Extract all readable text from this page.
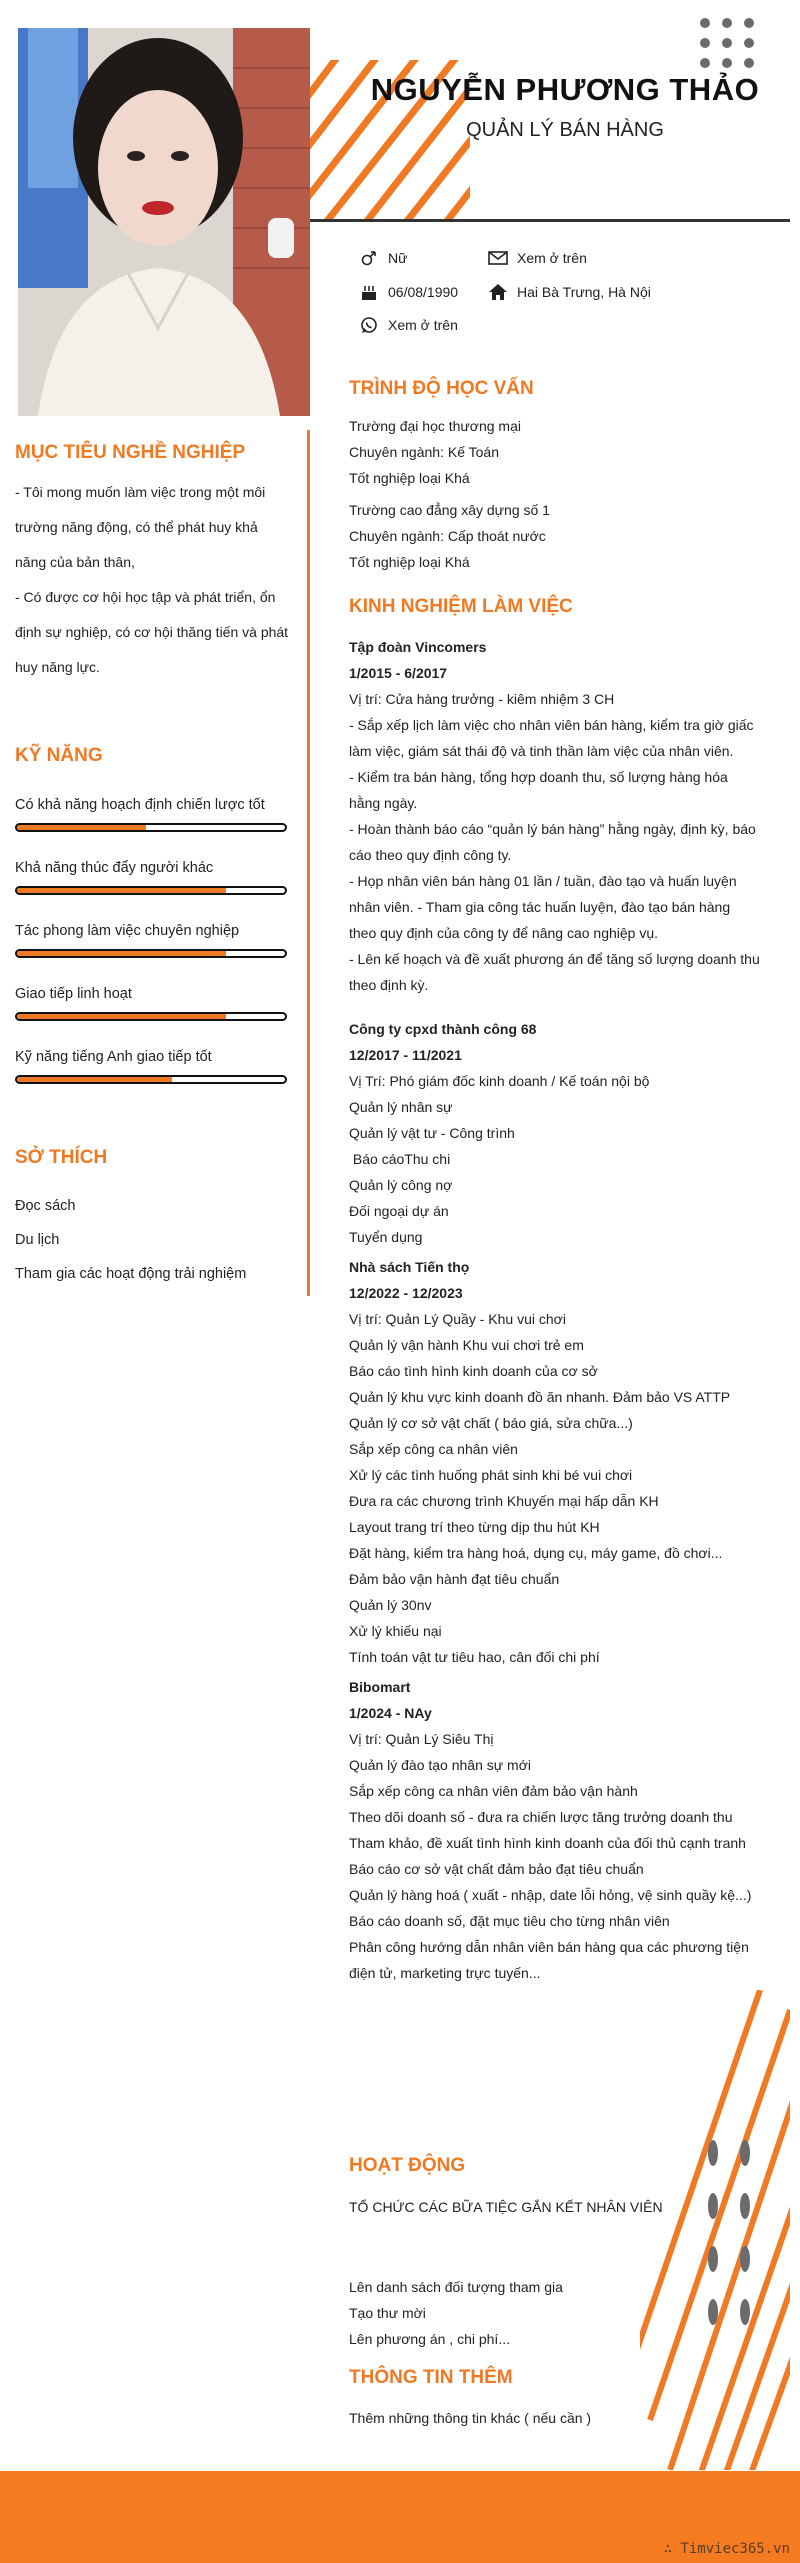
NGUYỄN PHƯƠNG THẢO
QUẢN LÝ BÁN HÀNG
Nữ	Xem ở trên
06/08/1990	Hai Bà Trưng, Hà Nội
Xem ở trên
MỤC TIÊU NGHỀ NGHIỆP
- Tôi mong muốn làm việc trong một môi trường năng động, có thể phát huy khả năng của bản thân,
- Có được cơ hội học tập và phát triển, ổn định sự nghiệp, có cơ hội thăng tiến và phát huy năng lực.
KỸ NĂNG
Có khả năng hoạch định chiến lược tốt
Khả năng thúc đẩy người khác
Tác phong làm việc chuyên nghiệp
Giao tiếp linh hoạt
Kỹ năng tiếng Anh giao tiếp tốt
SỞ THÍCH
Đọc sách
Du lịch
Tham gia các hoạt động trải nghiệm
TRÌNH ĐỘ HỌC VẤN
Trường đại học thương mại
Chuyên ngành: Kế Toán
Tốt nghiệp loại Khá
Trường cao đẳng xây dựng số 1
Chuyên ngành: Cấp thoát nước
Tốt nghiệp loại Khá
KINH NGHIỆM LÀM VIỆC
Tập đoàn Vincomers
1/2015 - 6/2017
Vị trí: Cửa hàng trưởng - kiêm nhiệm 3 CH
- Sắp xếp lịch làm việc cho nhân viên bán hàng, kiểm tra giờ giấc làm việc, giám sát thái độ và tinh thần làm việc của nhân viên.
- Kiểm tra bán hàng, tổng hợp doanh thu, số lượng hàng hóa hằng ngày.
- Hoàn thành báo cáo “quản lý bán hàng” hằng ngày, định kỳ, báo cáo theo quy định công ty.
- Họp nhân viên bán hàng 01 lần / tuần, đào tạo và huấn luyện nhân viên. - Tham gia công tác huấn luyện, đào tạo bán hàng theo quy định của công ty để nâng cao nghiệp vụ.
- Lên kế hoạch và đề xuất phương án để tăng số lượng doanh thu theo định kỳ.
Công ty cpxd thành công 68
12/2017 - 11/2021
Vị Trí: Phó giám đốc kinh doanh / Kế toán nội bộ
Quản lý nhân sự
Quản lý vật tư - Công trình
Báo cáoThu chi
Quản lý công nợ
Đối ngoại dự án
Tuyển dụng
Nhà sách Tiến thọ
12/2022 - 12/2023
Vị trí: Quản Lý Quầy - Khu vui chơi
Quản lý vận hành Khu vui chơi trẻ em
Báo cáo tình hình kinh doanh của cơ sở
Quản lý khu vực kinh doanh đồ ăn nhanh. Đảm bảo VS ATTP
Quản lý cơ sở vật chất ( báo giá, sửa chữa...)
Sắp xếp công ca nhân viên
Xử lý các tình huống phát sinh khi bé vui chơi
Đưa ra các chương trình Khuyến mại hấp dẫn KH
Layout trang trí theo từng dịp thu hút KH
Đặt hàng, kiểm tra hàng hoá, dụng cụ, máy game, đồ chơi...
Đảm bảo vận hành đạt tiêu chuẩn
Quản lý 30nv
Xử lý khiếu nại
Tính toán vật tư tiêu hao, cân đối chi phí
Bibomart
1/2024 - NAy
Vị trí: Quản Lý Siêu Thị
Quản lý đào tạo nhân sự mới
Sắp xếp công ca nhân viên đảm bảo vận hành
Theo dõi doanh số - đưa ra chiến lược tăng trưởng doanh thu
Tham khảo, đề xuất tình hình kinh doanh của đối thủ cạnh tranh
Báo cáo cơ sở vật chất đảm bảo đạt tiêu chuẩn
Quản lý hàng hoá ( xuất - nhập, date lỗi hỏng, vệ sinh quầy kệ...)
Báo cáo doanh số, đặt mục tiêu cho từng nhân viên
Phân công hướng dẫn nhân viên bán hàng qua các phương tiện điện tử, marketing trực tuyến...
HOẠT ĐỘNG
TỔ CHỨC CÁC BỮA TIỆC GẮN KẾT NHÂN VIÊN
Lên danh sách đối tượng tham gia
Tạo thư mời
Lên phương án , chi phí...
THÔNG TIN THÊM
Thêm những thông tin khác ( nếu cần )
∴ Timviec365.vn
